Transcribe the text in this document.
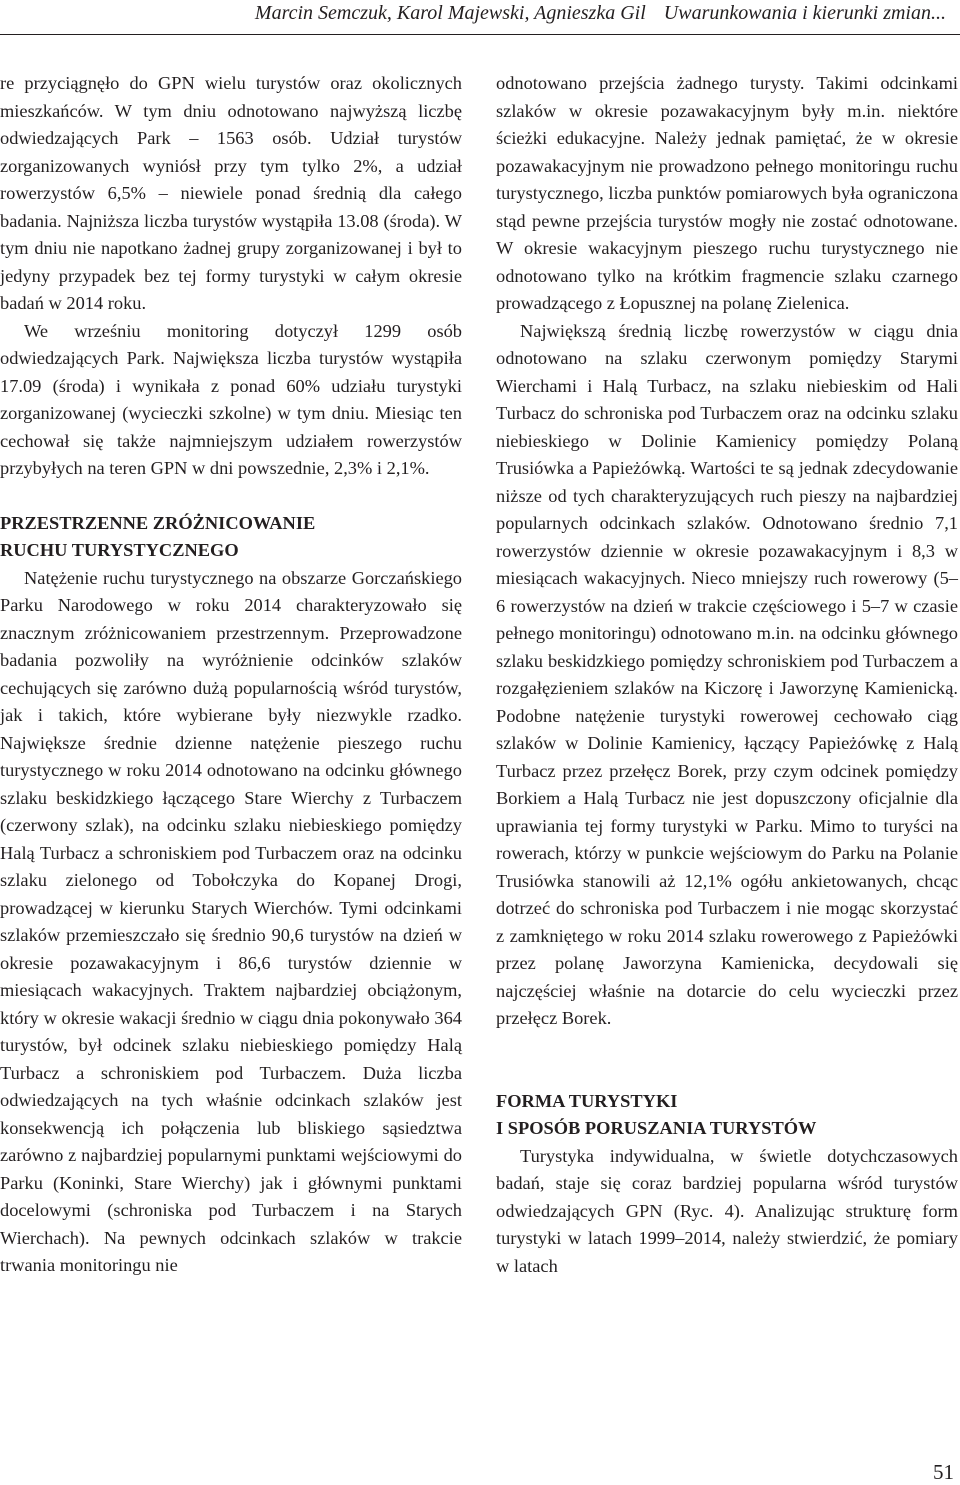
Marcin Semczuk, Karol Majewski, Agnieszka Gil Uwarunkowania i kierunki zmian...

re przyciągnęło do GPN wielu turystów oraz okolicznych mieszkańców. W tym dniu odnotowano najwyższą liczbę odwiedzających Park – 1563 osób. Udział turystów zorganizowanych wyniósł przy tym tylko 2%, a udział rowerzystów 6,5% – niewiele ponad średnią dla całego badania. Najniższa liczba turystów wystąpiła 13.08 (środa). W tym dniu nie napotkano żadnej grupy zorganizowanej i był to jedyny przypadek bez tej formy turystyki w całym okresie badań w 2014 roku.

We wrześniu monitoring dotyczył 1299 osób odwiedzających Park. Największa liczba turystów wystąpiła 17.09 (środa) i wynikała z ponad 60% udziału turystyki zorganizowanej (wycieczki szkolne) w tym dniu. Miesiąc ten cechował się także najmniejszym udziałem rowerzystów przybyłych na teren GPN w dni powszednie, 2,3% i 2,1%.

PRZESTRZENNE ZRÓŻNICOWANIE
RUCHU TURYSTYCZNEGO

Natężenie ruchu turystycznego na obszarze Gorczańskiego Parku Narodowego w roku 2014 charakteryzowało się znacznym zróżnicowaniem przestrzennym. Przeprowadzone badania pozwoliły na wyróżnienie odcinków szlaków cechujących się zarówno dużą popularnością wśród turystów, jak i takich, które wybierane były niezwykle rzadko. Największe średnie dzienne natężenie pieszego ruchu turystycznego w roku 2014 odnotowano na odcinku głównego szlaku beskidzkiego łączącego Stare Wierchy z Turbaczem (czerwony szlak), na odcinku szlaku niebieskiego pomiędzy Halą Turbacz a schroniskiem pod Turbaczem oraz na odcinku szlaku zielonego od Tobołczyka do Kopanej Drogi, prowadzącej w kierunku Starych Wierchów. Tymi odcinkami szlaków przemieszczało się średnio 90,6 turystów na dzień w okresie pozawakacyjnym i 86,6 turystów dziennie w miesiącach wakacyjnych. Traktem najbardziej obciążonym, który w okresie wakacji średnio w ciągu dnia pokonywało 364 turystów, był odcinek szlaku niebieskiego pomiędzy Halą Turbacz a schroniskiem pod Turbaczem. Duża liczba odwiedzających na tych właśnie odcinkach szlaków jest konsekwencją ich połączenia lub bliskiego sąsiedztwa zarówno z najbardziej popularnymi punktami wejściowymi do Parku (Koninki, Stare Wierchy) jak i głównymi punktami docelowymi (schroniska pod Turbaczem i na Starych Wierchach). Na pewnych odcinkach szlaków w trakcie trwania monitoringu nie

odnotowano przejścia żadnego turysty. Takimi odcinkami szlaków w okresie pozawakacyjnym były m.in. niektóre ścieżki edukacyjne. Należy jednak pamiętać, że w okresie pozawakacyjnym nie prowadzono pełnego monitoringu ruchu turystycznego, liczba punktów pomiarowych była ograniczona stąd pewne przejścia turystów mogły nie zostać odnotowane. W okresie wakacyjnym pieszego ruchu turystycznego nie odnotowano tylko na krótkim fragmencie szlaku czarnego prowadzącego z Łopusznej na polanę Zielenica.

Największą średnią liczbę rowerzystów w ciągu dnia odnotowano na szlaku czerwonym pomiędzy Starymi Wierchami i Halą Turbacz, na szlaku niebieskim od Hali Turbacz do schroniska pod Turbaczem oraz na odcinku szlaku niebieskiego w Dolinie Kamienicy pomiędzy Polaną Trusiówka a Papieżówką. Wartości te są jednak zdecydowanie niższe od tych charakteryzujących ruch pieszy na najbardziej popularnych odcinkach szlaków. Odnotowano średnio 7,1 rowerzystów dziennie w okresie pozawakacyjnym i 8,3 w miesiącach wakacyjnych. Nieco mniejszy ruch rowerowy (5–6 rowerzystów na dzień w trakcie częściowego i 5–7 w czasie pełnego monitoringu) odnotowano m.in. na odcinku głównego szlaku beskidzkiego pomiędzy schroniskiem pod Turbaczem a rozgałęzieniem szlaków na Kiczorę i Jaworzynę Kamienicką. Podobne natężenie turystyki rowerowej cechowało ciąg szlaków w Dolinie Kamienicy, łączący Papieżówkę z Halą Turbacz przez przełęcz Borek, przy czym odcinek pomiędzy Borkiem a Halą Turbacz nie jest dopuszczony oficjalnie dla uprawiania tej formy turystyki w Parku. Mimo to turyści na rowerach, którzy w punkcie wejściowym do Parku na Polanie Trusiówka stanowili aż 12,1% ogółu ankietowanych, chcąc dotrzeć do schroniska pod Turbaczem i nie mogąc skorzystać z zamkniętego w roku 2014 szlaku rowerowego z Papieżówki przez polanę Jaworzyna Kamienicka, decydowali się najczęściej właśnie na dotarcie do celu wycieczki przez przełęcz Borek.

FORMA TURYSTYKI
I SPOSÓB PORUSZANIA TURYSTÓW

Turystyka indywidualna, w świetle dotychczasowych badań, staje się coraz bardziej popularna wśród turystów odwiedzających GPN (Ryc. 4). Analizując strukturę form turystyki w latach 1999–2014, należy stwierdzić, że pomiary w latach

51
